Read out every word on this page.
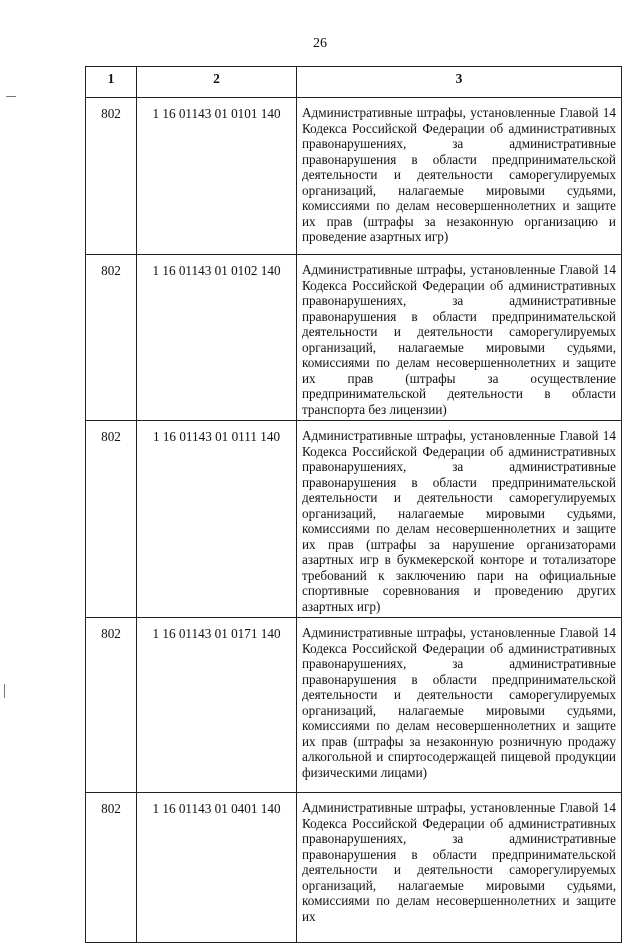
26
1	2	3
802	1 16 01143 01 0101 140	Административные штрафы, установленные Главой 14 Кодекса Российской Федерации об административных правонарушениях, за административные правонарушения в области предпринимательской деятельности и деятельности саморегулируемых организаций, налагаемые мировыми судьями, комиссиями по делам несовершеннолетних и защите их прав (штрафы за незаконную организацию и проведение азартных игр)
802	1 16 01143 01 0102 140	Административные штрафы, установленные Главой 14 Кодекса Российской Федерации об административных правонарушениях, за административные правонарушения в области предпринимательской деятельности и деятельности саморегулируемых организаций, налагаемые мировыми судьями, комиссиями по делам несовершеннолетних и защите их прав (штрафы за осуществление предпринимательской деятельности в области транспорта без лицензии)
802	1 16 01143 01 0111 140	Административные штрафы, установленные Главой 14 Кодекса Российской Федерации об административных правонарушениях, за административные правонарушения в области предпринимательской деятельности и деятельности саморегулируемых организаций, налагаемые мировыми судьями, комиссиями по делам несовершеннолетних и защите их прав (штрафы за нарушение организаторами азартных игр в букмекерской конторе и тотализаторе требований к заключению пари на официальные спортивные соревнования и проведению других азартных игр)
802	1 16 01143 01 0171 140	Административные штрафы, установленные Главой 14 Кодекса Российской Федерации об административных правонарушениях, за административные правонарушения в области предпринимательской деятельности и деятельности саморегулируемых организаций, налагаемые мировыми судьями, комиссиями по делам несовершеннолетних и защите их прав (штрафы за незаконную розничную продажу алкогольной и спиртосодержащей пищевой продукции физическими лицами)
802	1 16 01143 01 0401 140	Административные штрафы, установленные Главой 14 Кодекса Российской Федерации об административных правонарушениях, за административные правонарушения в области предпринимательской деятельности и деятельности саморегулируемых организаций, налагаемые мировыми судьями, комиссиями по делам несовершеннолетних и защите их
